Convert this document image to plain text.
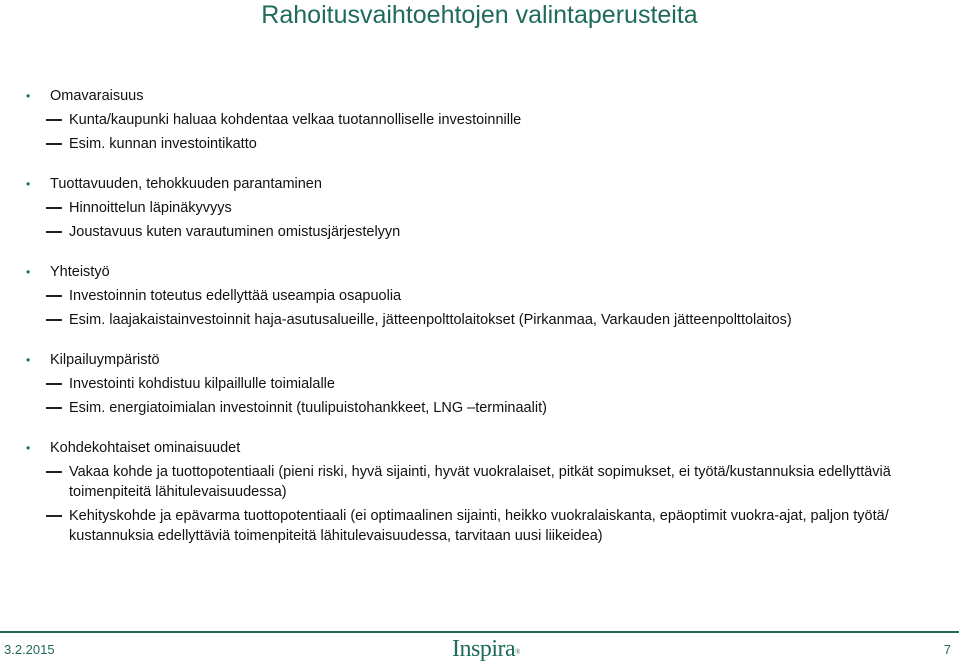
Rahoitusvaihtoehtojen valintaperusteita
•	Omavaraisuus
Kunta/kaupunki haluaa kohdentaa velkaa tuotannolliselle investoinnille
Esim. kunnan investointikatto
•	Tuottavuuden, tehokkuuden parantaminen
Hinnoittelun läpinäkyvyys
Joustavuus kuten varautuminen omistusjärjestelyyn
•	Yhteistyö
Investoinnin toteutus edellyttää useampia osapuolia
Esim. laajakaistainvestoinnit haja-asutusalueille, jätteenpolttolaitokset (Pirkanmaa, Varkauden jätteenpolttolaitos)
•	Kilpailuympäristö
Investointi kohdistuu kilpaillulle toimialalle
Esim. energiatoimialan investoinnit (tuulipuistohankkeet, LNG –terminaalit)
•	Kohdekohtaiset ominaisuudet
Vakaa kohde ja tuottopotentiaali (pieni riski, hyvä sijainti, hyvät vuokralaiset, pitkät sopimukset, ei työtä/kustannuksia edellyttäviä toimenpiteitä lähitulevaisuudessa)
Kehityskohde ja epävarma tuottopotentiaali (ei optimaalinen sijainti, heikko vuokralaiskanta, epäoptimit vuokra-ajat, paljon työtä/ kustannuksia edellyttäviä toimenpiteitä lähitulevaisuudessa, tarvitaan uusi liikeidea)
3.2.2015	Inspira®	7
